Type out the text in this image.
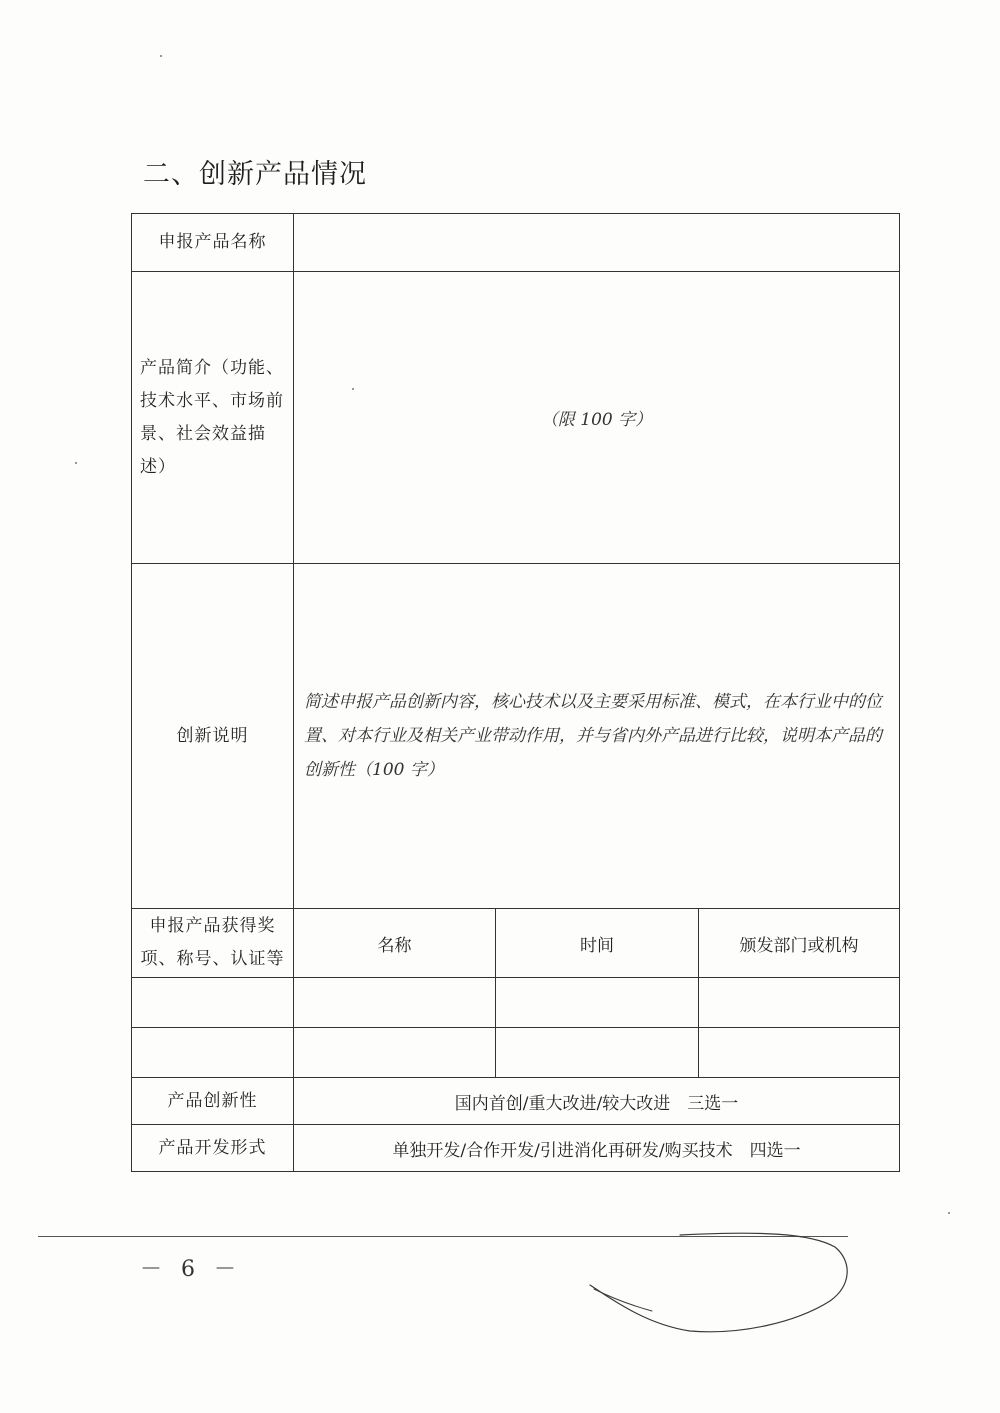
二、创新产品情况
申报产品名称			
产品简介（功能、技术水平、市场前景、社会效益描述）	（限 100 字）		
创新说明	简述申报产品创新内容，核心技术以及主要采用标准、模式，在本行业中的位置、对本行业及相关产业带动作用，并与省内外产品进行比较，说明本产品的创新性（100 字）		
申报产品获得奖项、称号、认证等	名称	时间	颁发部门或机构

产品创新性	国内首创/重大改进/较大改进　三选一		
产品开发形式	单独开发/合作开发/引进消化再研发/购买技术　四选一		
－ 6 －
